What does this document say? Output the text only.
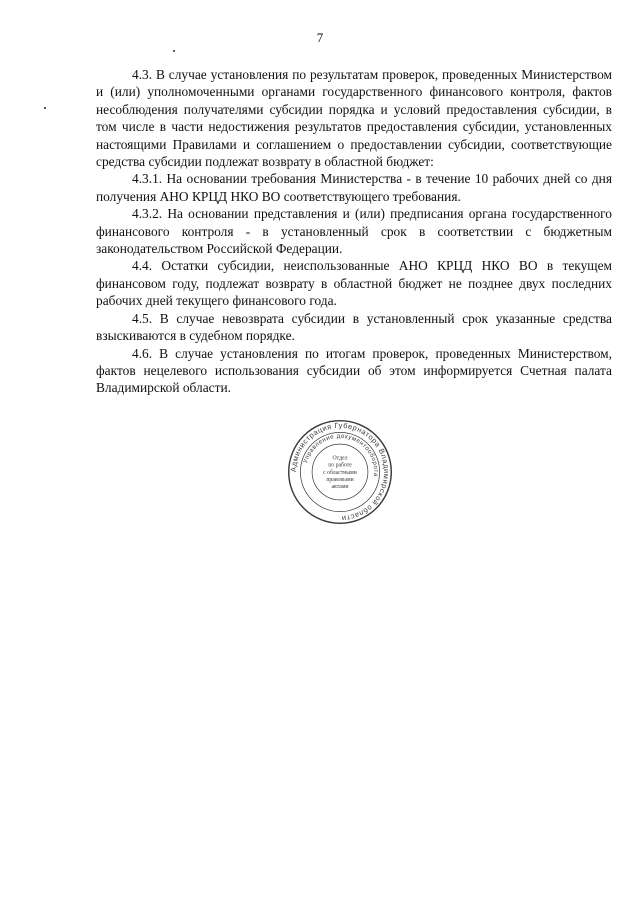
7

4.3. В случае установления по результатам проверок, проведенных Министерством и (или) уполномоченными органами государственного финансового контроля, фактов несоблюдения получателями субсидии порядка и условий предоставления субсидии, в том числе в части недостижения результатов предоставления субсидии, установленных настоящими Правилами и соглашением о предоставлении субсидии, соответствующие средства субсидии подлежат возврату в областной бюджет:

4.3.1. На основании требования Министерства - в течение 10 рабочих дней со дня получения АНО КРЦД НКО ВО соответствующего требования.

4.3.2. На основании представления и (или) предписания органа государственного финансового контроля - в установленный срок в соответствии с бюджетным законодательством Российской Федерации.

4.4. Остатки субсидии, неиспользованные АНО КРЦД НКО ВО в текущем финансовом году, подлежат возврату в областной бюджет не позднее двух последних рабочих дней текущего финансового года.

4.5. В случае невозврата субсидии в установленный срок указанные средства взыскиваются в судебном порядке.

4.6. В случае установления по итогам проверок, проведенных Министерством, фактов нецелевого использования субсидии об этом информируется Счетная палата Владимирской области.

Администрация Губернатора Владимирской области
Управление документооборота
Отдел
по работе
с областными
правовыми
актами
